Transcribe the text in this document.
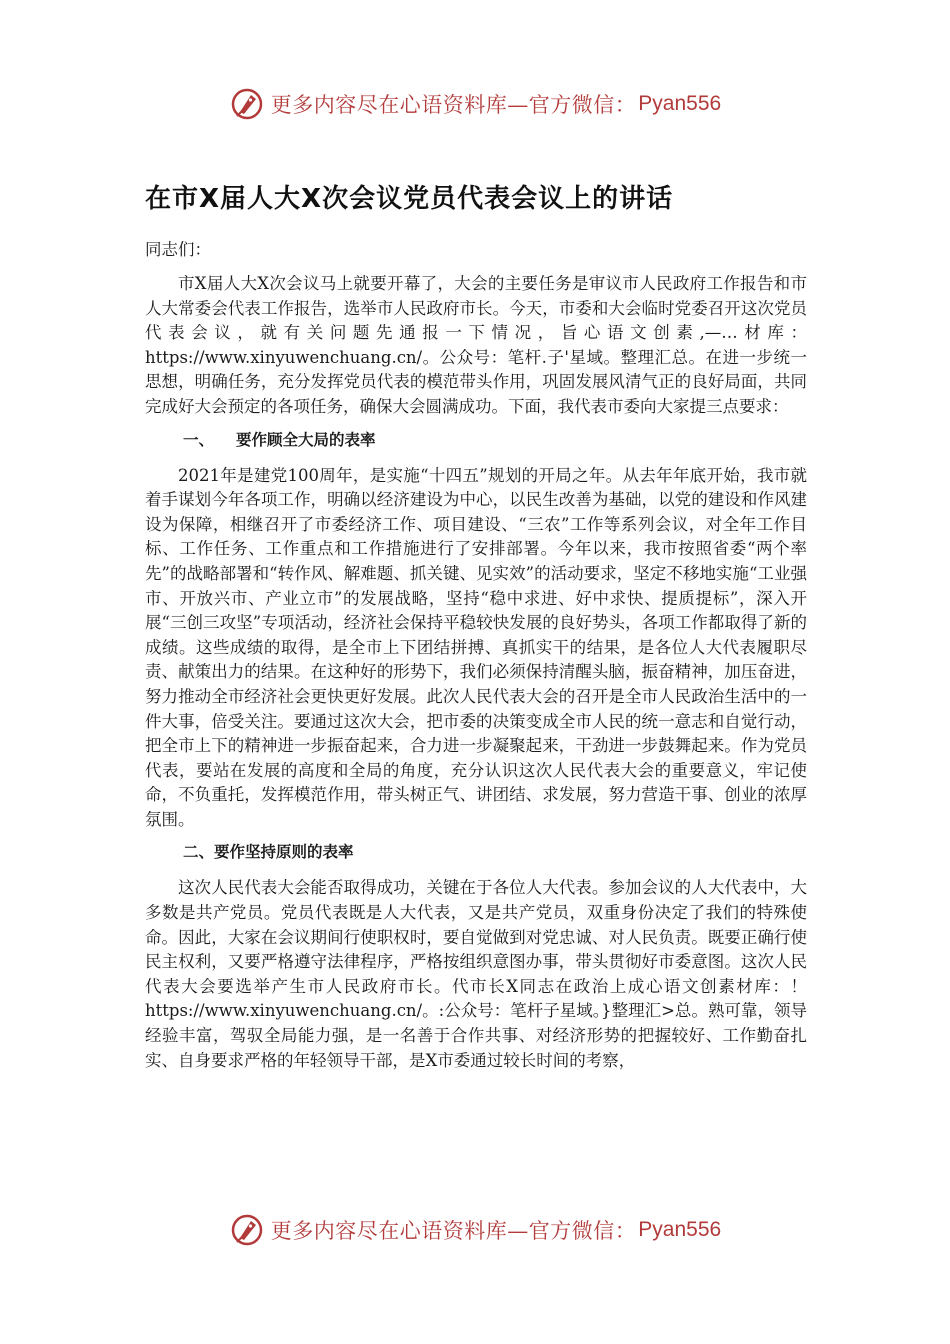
更多内容尽在心语资料库—官方微信： Pyan556
在市X届人大X次会议党员代表会议上的讲话
同志们：

市X届人大X次会议马上就要开幕了，大会的主要任务是审议市人民政府工作报告和市人大常委会代表工作报告，选举市人民政府市长。今天，市委和大会临时党委召开这次党员代表会议，就有关问题先通报一下情况，旨心语文创素,—…材库：https://www.xinyuwenchuang.cn/。公众号：笔杆.子'星域。整理汇总。在进一步统一思想，明确任务，充分发挥党员代表的模范带头作用，巩固发展风清气正的良好局面，共同完成好大会预定的各项任务，确保大会圆满成功。下面，我代表市委向大家提三点要求：

一、 要作顾全大局的表率

2021年是建党100周年，是实施“十四五”规划的开局之年。从去年年底开始，我市就着手谋划今年各项工作，明确以经济建设为中心，以民生改善为基础，以党的建设和作风建设为保障，相继召开了市委经济工作、项目建设、“三农”工作等系列会议，对全年工作目标、工作任务、工作重点和工作措施进行了安排部署。今年以来，我市按照省委“两个率先”的战略部署和“转作风、解难题、抓关键、见实效”的活动要求，坚定不移地实施“工业强市、开放兴市、产业立市”的发展战略，坚持“稳中求进、好中求快、提质提标”，深入开展“三创三攻坚”专项活动，经济社会保持平稳较快发展的良好势头，各项工作都取得了新的成绩。这些成绩的取得，是全市上下团结拼搏、真抓实干的结果，是各位人大代表履职尽责、献策出力的结果。在这种好的形势下，我们必须保持清醒头脑，振奋精神，加压奋进，努力推动全市经济社会更快更好发展。此次人民代表大会的召开是全市人民政治生活中的一件大事，倍受关注。要通过这次大会，把市委的决策变成全市人民的统一意志和自觉行动，把全市上下的精神进一步振奋起来，合力进一步凝聚起来，干劲进一步鼓舞起来。作为党员代表，要站在发展的高度和全局的角度，充分认识这次人民代表大会的重要意义，牢记使命，不负重托，发挥模范作用，带头树正气、讲团结、求发展，努力营造干事、创业的浓厚氛围。

二、要作坚持原则的表率

这次人民代表大会能否取得成功，关键在于各位人大代表。参加会议的人大代表中，大多数是共产党员。党员代表既是人大代表，又是共产党员，双重身份决定了我们的特殊使命。因此，大家在会议期间行使职权时，要自觉做到对党忠诚、对人民负责。既要正确行使民主权利，又要严格遵守法律程序，严格按组织意图办事，带头贯彻好市委意图。这次人民代表大会要选举产生市人民政府市长。代市长X同志在政治上成心语文创素材库：！https://www.xinyuwenchuang.cn/。:公众号：笔杆子星域。}整理汇>总。熟可靠，领导经验丰富，驾驭全局能力强，是一名善于合作共事、对经济形势的把握较好、工作勤奋扎实、自身要求严格的年轻领导干部，是X市委通过较长时间的考察，

更多内容尽在心语资料库—官方微信： Pyan556
